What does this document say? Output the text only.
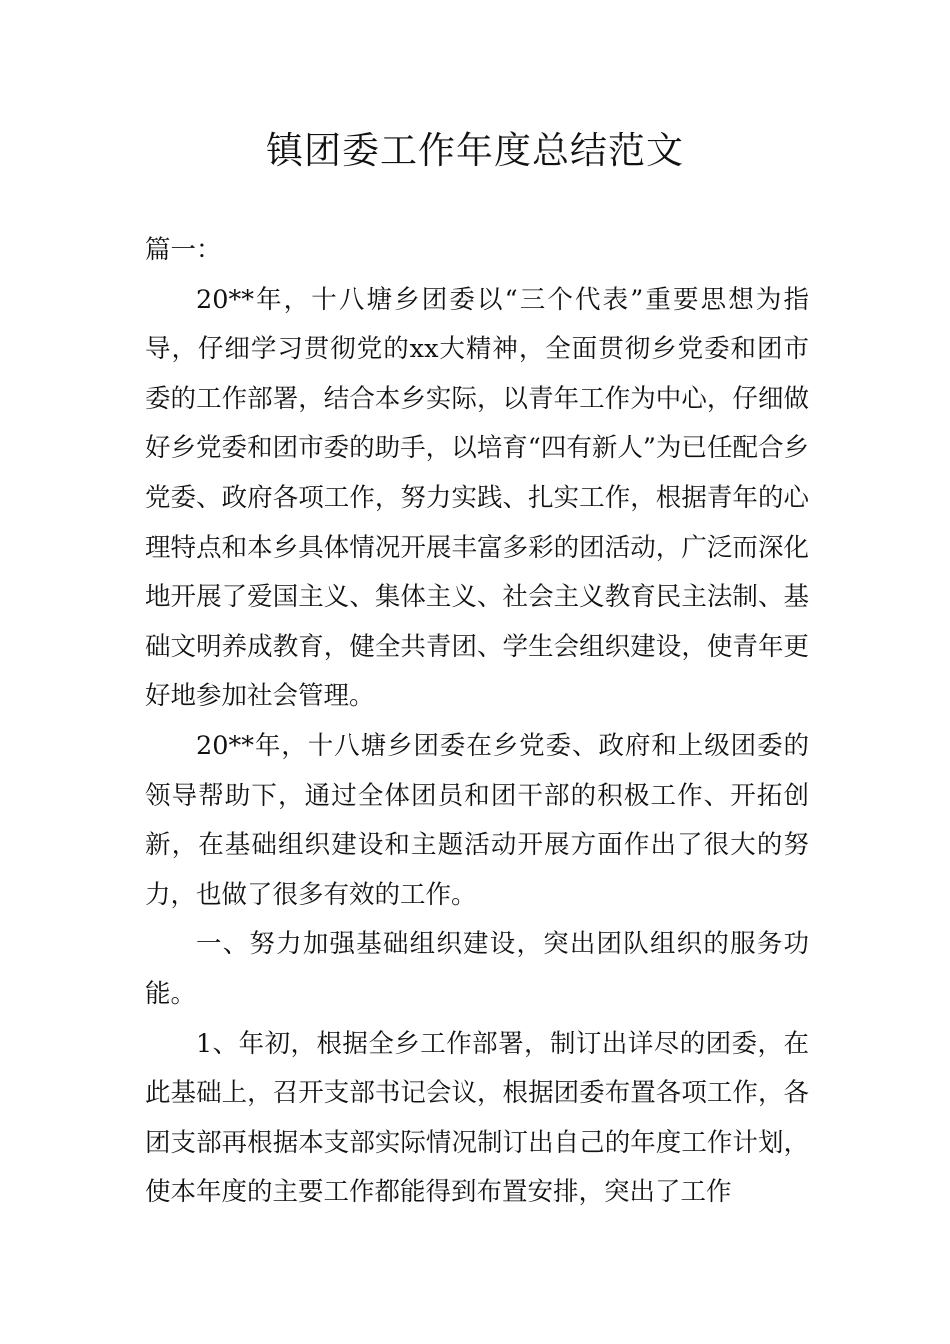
镇团委工作年度总结范文

篇一：

20**年，十八塘乡团委以“三个代表”重要思想为指导，仔细学习贯彻党的xx大精神，全面贯彻乡党委和团市委的工作部署，结合本乡实际，以青年工作为中心，仔细做好乡党委和团市委的助手，以培育“四有新人”为已任配合乡党委、政府各项工作，努力实践、扎实工作，根据青年的心理特点和本乡具体情况开展丰富多彩的团活动，广泛而深化地开展了爱国主义、集体主义、社会主义教育民主法制、基础文明养成教育，健全共青团、学生会组织建设，使青年更好地参加社会管理。

20**年，十八塘乡团委在乡党委、政府和上级团委的领导帮助下，通过全体团员和团干部的积极工作、开拓创新，在基础组织建设和主题活动开展方面作出了很大的努力，也做了很多有效的工作。

一、努力加强基础组织建设，突出团队组织的服务功能。

1、年初，根据全乡工作部署，制订出详尽的团委，在此基础上，召开支部书记会议，根据团委布置各项工作，各团支部再根据本支部实际情况制订出自己的年度工作计划，使本年度的主要工作都能得到布置安排，突出了工作
